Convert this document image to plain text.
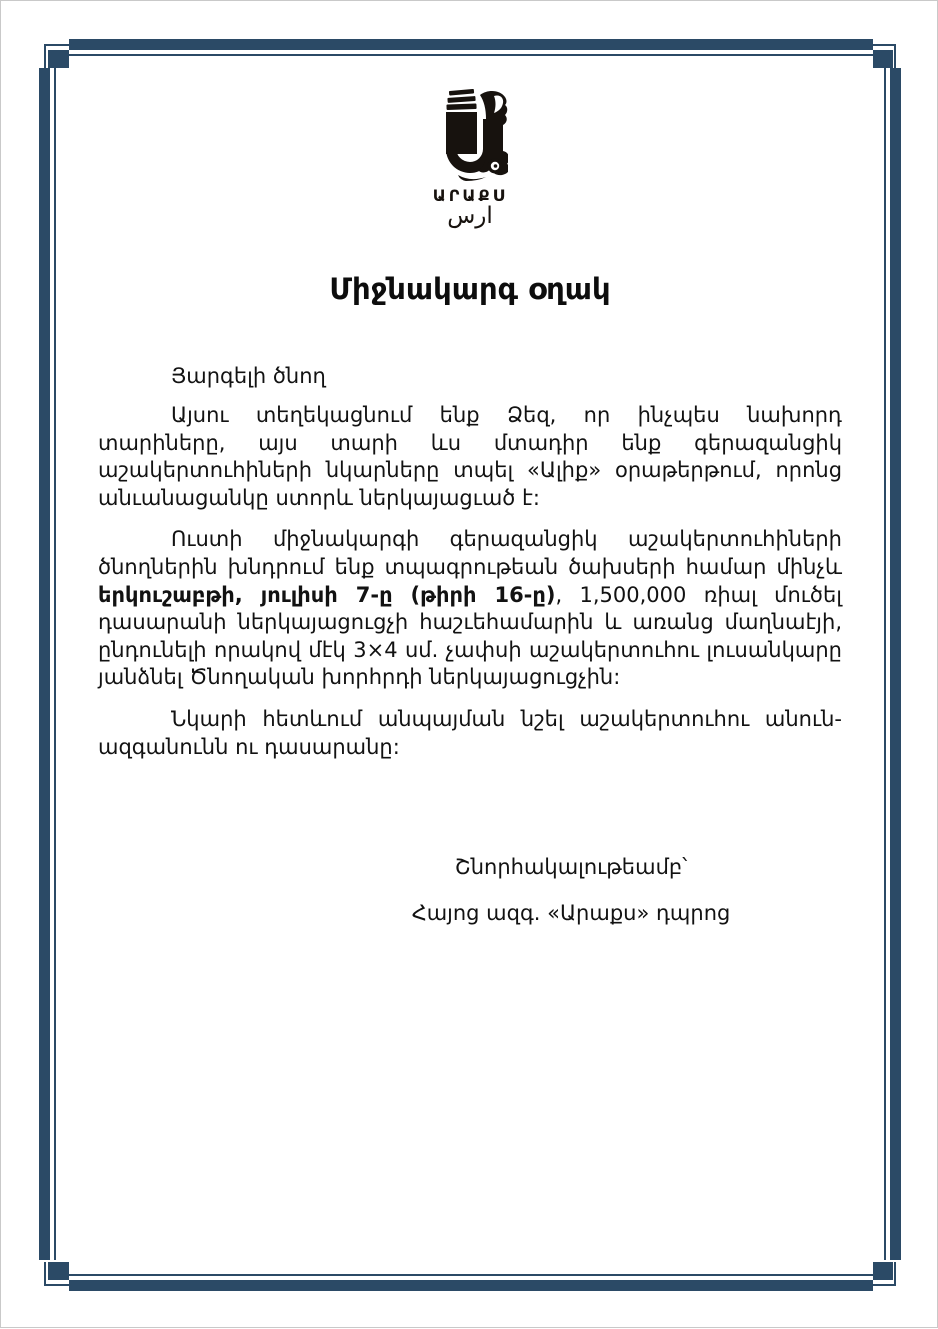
ԱՐԱՔՍ
ارس
Միջնակարգ օղակ
Յարգելի ծնող

Այսու տեղեկացնում ենք Ձեզ, որ ինչպես նախորդ տարիները, այս տարի ևս մտադիր ենք գերազանցիկ աշակերտուհիների նկարները տպել «Ալիք» օրաթերթում, որոնց անւանացանկը ստորև ներկայացւած է:

Ուստի միջնակարգի գերազանցիկ աշակերտուհիների ծնողներին խնդրում ենք տպագրութեան ծախսերի համար մինչև երկուշաբթի, յուլիսի 7-ը (թիրի 16-ը), 1,500,000 ռիալ մուծել դասարանի ներկայացուցչի հաշւեհամարին և առանց մաղնաէյի, ընդունելի որակով մէկ 3×4 սմ. չափսի աշակերտուհու լուսանկարը յանձնել Ծնողական խորհրդի ներկայացուցչին:

Նկարի հետևում անպայման նշել աշակերտուհու անուն-ազգանունն ու դասարանը:

Շնորհակալութեամբ՝
Հայոց ազգ. «Արաքս» դպրոց
